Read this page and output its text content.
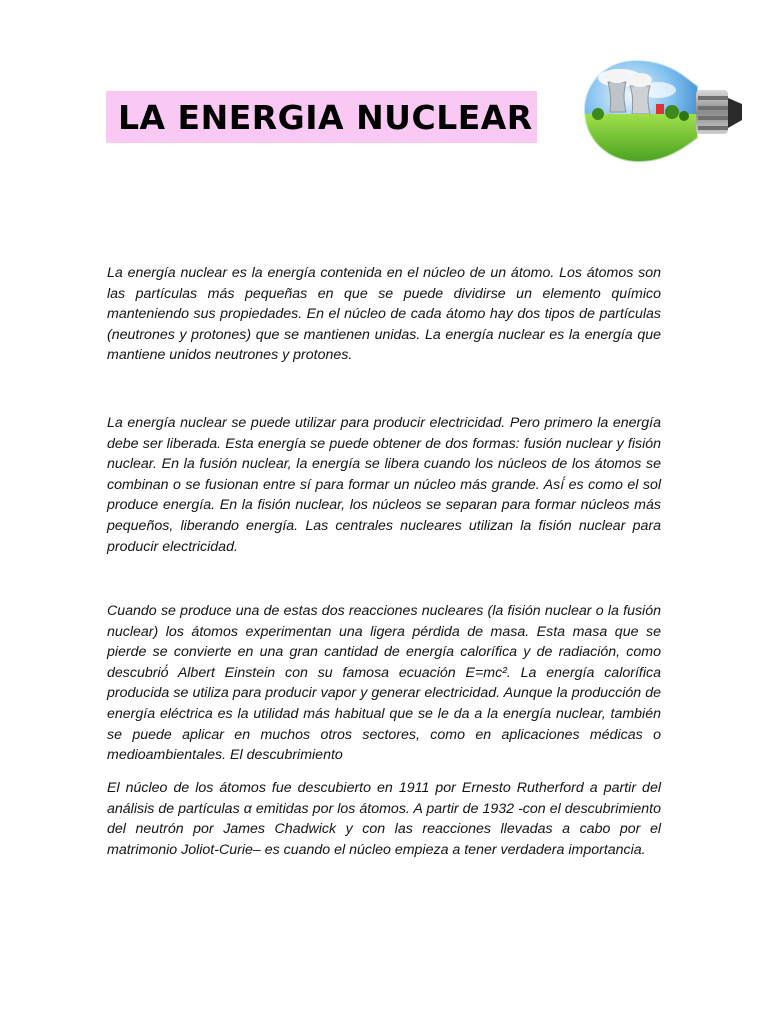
LA ENERGIA NUCLEAR

La energía nuclear es la energía contenida en el núcleo de un átomo. Los átomos son las partículas más pequeñas en que se puede dividirse un elemento químico manteniendo sus propiedades. En el núcleo de cada átomo hay dos tipos de partículas (neutrones y protones) que se mantienen unidas. La energía nuclear es la energía que mantiene unidos neutrones y protones.

La energía nuclear se puede utilizar para producir electricidad. Pero primero la energía debe ser liberada. Esta energía se puede obtener de dos formas: fusión nuclear y fisión nuclear. En la fusión nuclear, la energía se libera cuando los núcleos de los átomos se combinan o se fusionan entre sí para formar un núcleo más grande. Así́ es como el sol produce energía. En la fisión nuclear, los núcleos se separan para formar núcleos más pequeños, liberando energía. Las centrales nucleares utilizan la fisión nuclear para producir electricidad.

Cuando se produce una de estas dos reacciones nucleares (la fisión nuclear o la fusión nuclear) los átomos experimentan una ligera pérdida de masa. Esta masa que se pierde se convierte en una gran cantidad de energía calorífica y de radiación, como descubrió́ Albert Einstein con su famosa ecuación E=mc². La energía calorífica producida se utiliza para producir vapor y generar electricidad. Aunque la producción de energía eléctrica es la utilidad más habitual que se le da a la energía nuclear, también se puede aplicar en muchos otros sectores, como en aplicaciones médicas o medioambientales. El descubrimiento

El núcleo de los átomos fue descubierto en 1911 por Ernesto Rutherford a partir del análisis de partículas α emitidas por los átomos. A partir de 1932 -con el descubrimiento del neutrón por James Chadwick y con las reacciones llevadas a cabo por el matrimonio Joliot-Curie– es cuando el núcleo empieza a tener verdadera importancia.
